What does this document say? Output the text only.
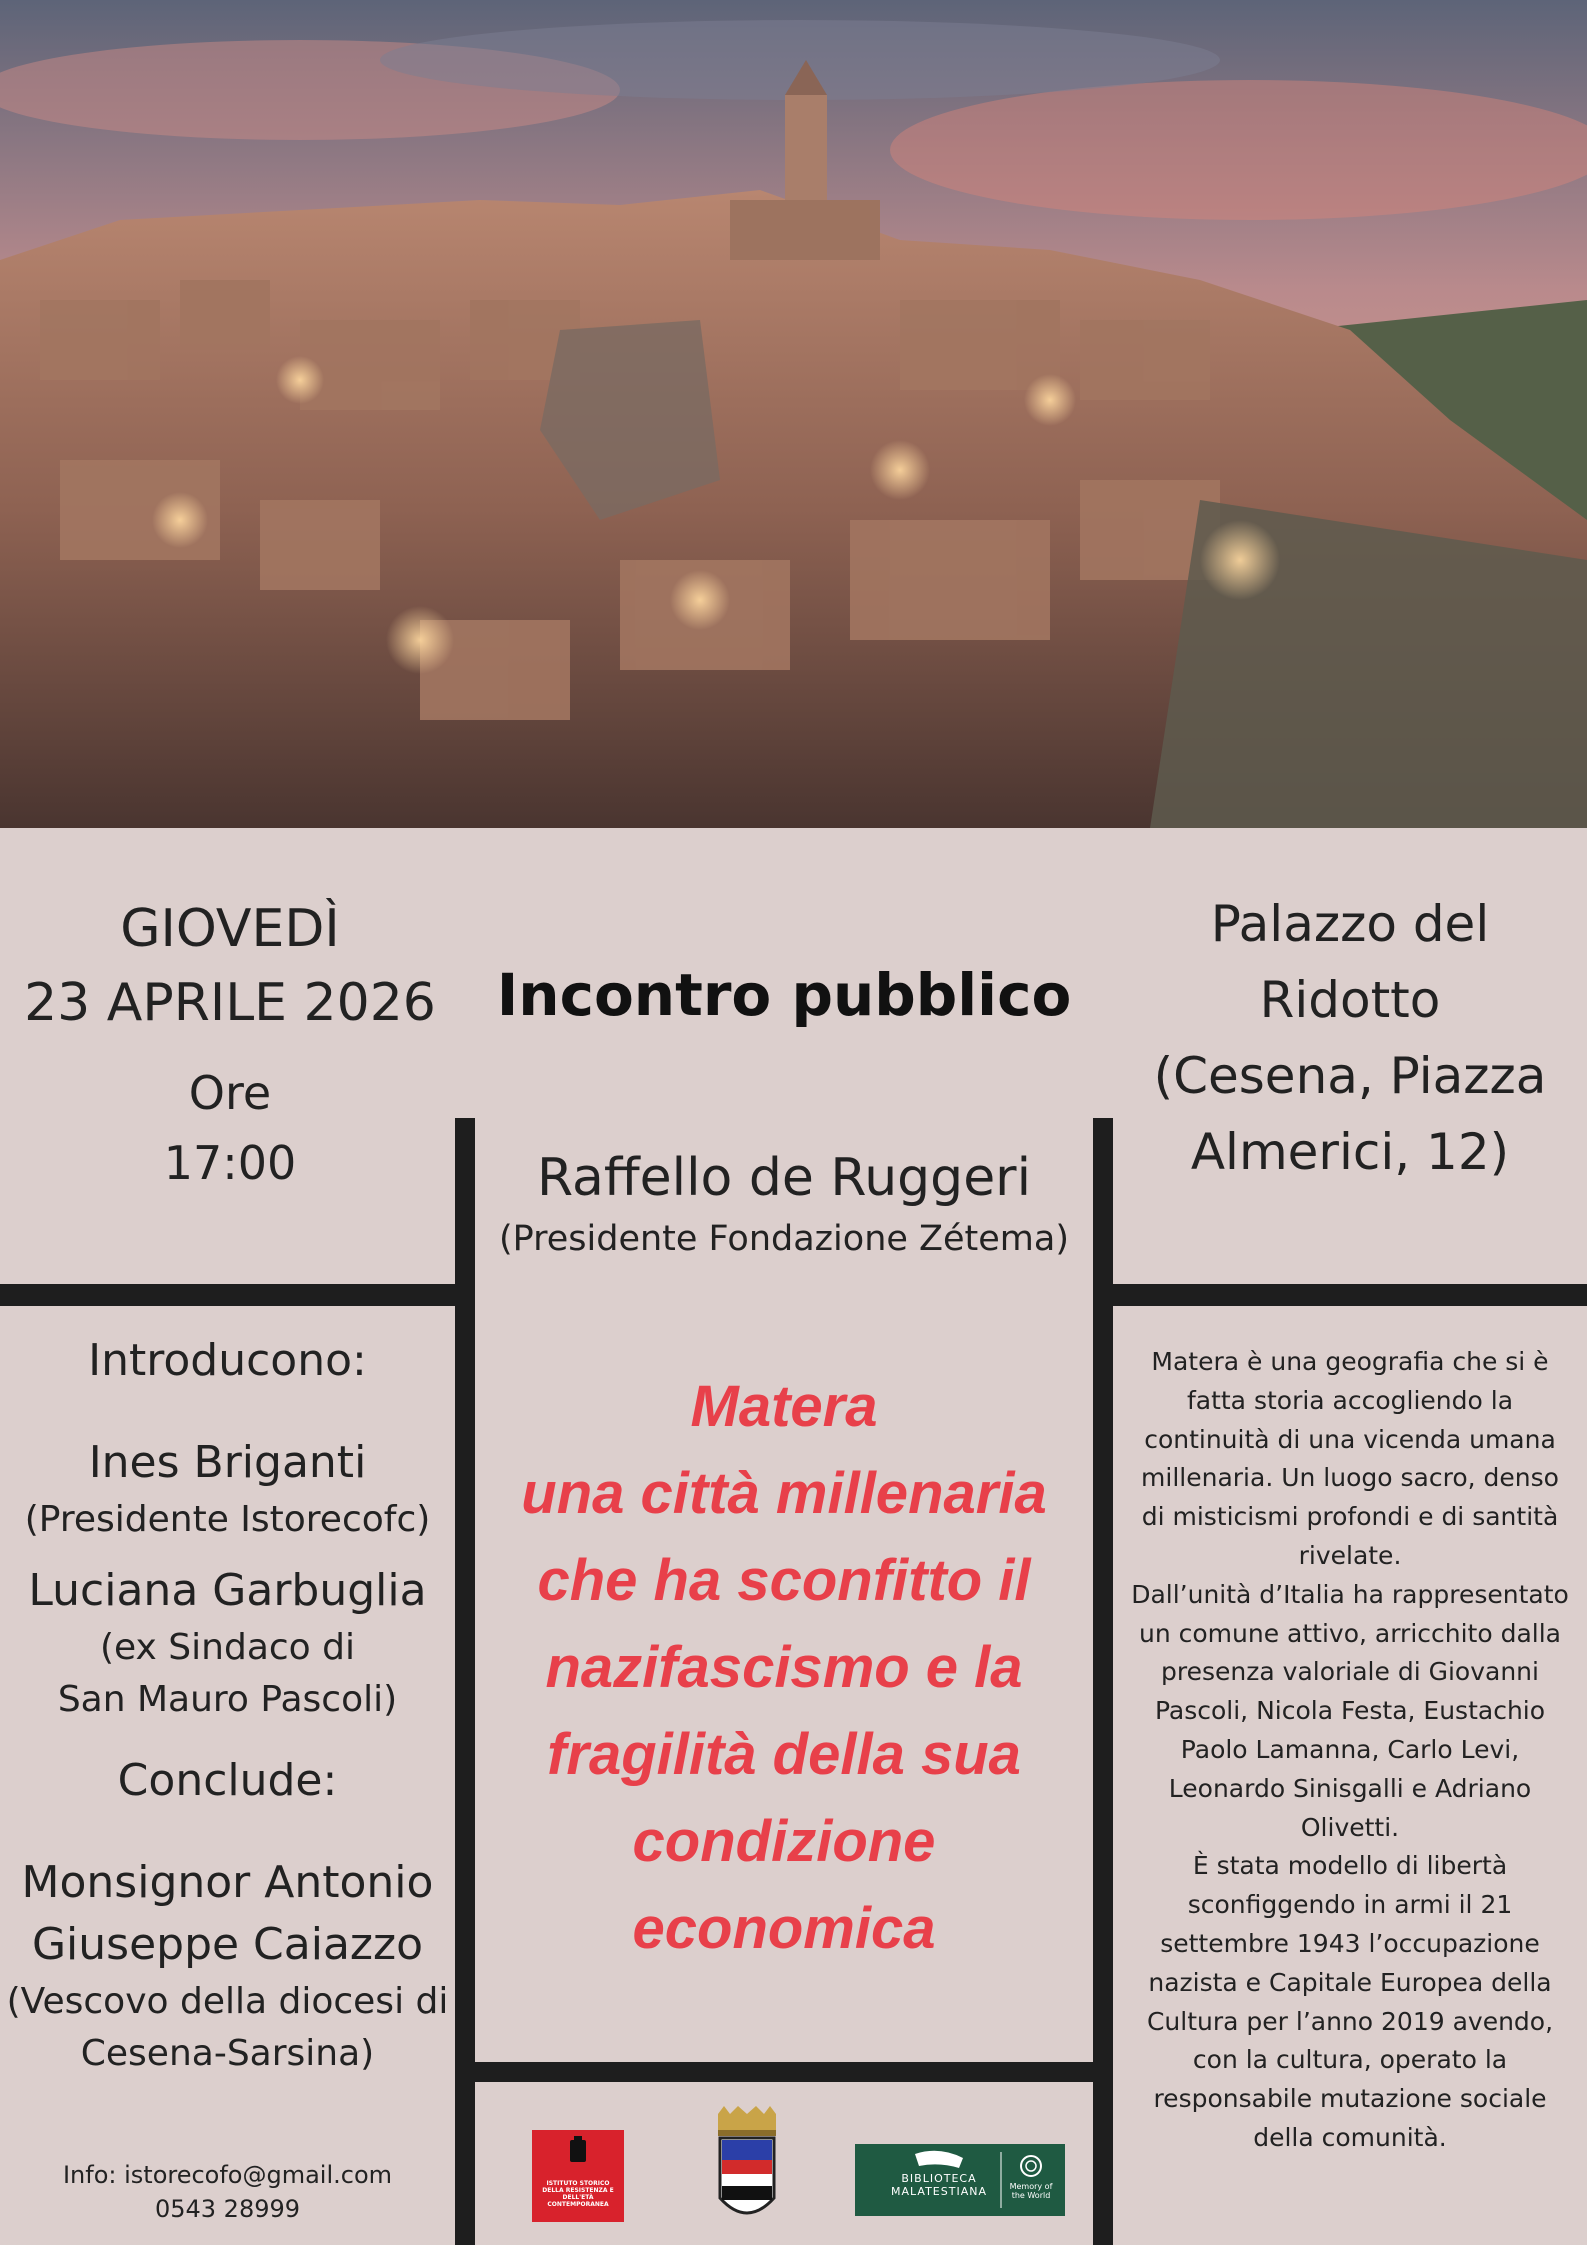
GIOVEDÌ
23 APRILE 2026
Ore
17:00
Incontro pubblico
Palazzo del
Ridotto
(Cesena, Piazza
Almerici, 12)
Raffello de Ruggeri
(Presidente Fondazione Zétema)
Introducono:
Ines Briganti
(Presidente Istorecofc)
Luciana Garbuglia
(ex Sindaco di
San Mauro Pascoli)
Conclude:
Monsignor Antonio
Giuseppe Caiazzo
(Vescovo della diocesi di
Cesena-Sarsina)
Info: istorecofo@gmail.com
0543 28999
Matera
una città millenaria
che ha sconfitto il
nazifascismo e la
fragilità della sua
condizione
economica
Matera è una geografia che si è
fatta storia accogliendo la
continuità di una vicenda umana
millenaria. Un luogo sacro, denso
di misticismi profondi e di santità
rivelate.
Dall’unità d’Italia ha rappresentato
un comune attivo, arricchito dalla
presenza valoriale di Giovanni
Pascoli, Nicola Festa, Eustachio
Paolo Lamanna, Carlo Levi,
Leonardo Sinisgalli e Adriano
Olivetti.
È stata modello di libertà
sconfiggendo in armi il 21
settembre 1943 l’occupazione
nazista e Capitale Europea della
Cultura per l’anno 2019 avendo,
con la cultura, operato la
responsabile mutazione sociale
della comunità.
ISTITUTO STORICO DELLA RESISTENZA E DELL'ETÀ CONTEMPORANEA
BIBLIOTECA
MALATESTIANA	Memory of
the World
